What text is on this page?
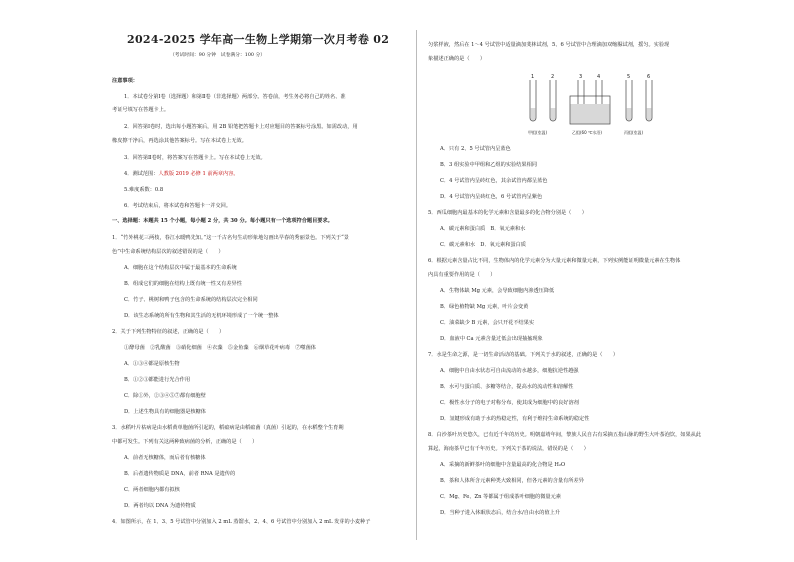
2024-2025 学年高一生物上学期第一次月考卷 02
（考试时间：90 分钟　试卷满分：100 分）
注意事项：
1．本试卷分第Ⅰ卷（选择题）和第Ⅱ卷（非选择题）两部分。答卷前，考生务必将自己的姓名、准
考证号填写在答题卡上。
2．回答第Ⅰ卷时，选出每小题答案后，用 2B 铅笔把答题卡上对应题目的答案标号涂黑。如需改动，用
橡皮擦干净后，再选涂其他答案标号。写在本试卷上无效。
3．回答第Ⅱ卷时，将答案写在答题卡上。写在本试卷上无效。
4．测试范围：人教版 2019 必修 1 前两章内容。
5.难度系数：0.8
6．考试结束后，将本试卷和答题卡一并交回。
一、选择题：本题共 15 个小题，每小题 2 分，共 30 分。每小题只有一个选项符合题目要求。
1．“竹外桃花三两枝，春江水暖鸭先知。”这一千古名句生动形象地勾画出早春的秀丽景色。下列关于“景
色”中生命系统结构层次的叙述错误的是（　　）
A．细胞在这个结构层次中属于最基本的生命系统
B．组成它们的细胞在结构上既有统一性又有差异性
C．竹子、桃树和鸭子包含的生命系统的结构层次完全相同
D．该生态系统的所有生物和其生活的无机环境形成了一个统一整体
2．关于下列生物特征的叙述，正确的是（　　）
①酵母菌　②乳酸菌　③硝化细菌　④衣藻　⑤金鱼藻　⑥烟草花叶病毒　⑦噬菌体
A．①③④都是原核生物
B．①②③都能进行光合作用
C．除①外，②③④⑤⑦都有细胞壁
D．上述生物具有的细胞器是核糖体
3．水稻叶片枯病是由水稻黄单胞菌所引起的，稻瘟病是由稻瘟菌（真菌）引起的，在水稻整个生育期
中都可发生。下列有关这两种致病菌的分析，正确的是（　　）
A．前者无核糖体，而后者有核糖体
B．后者遗传物质是 DNA，前者 RNA 是遗传的
C．两者细胞内都有拟核
D．两者均以 DNA 为遗传物质
4．如图所示，在 1、3、5 号试管中分别加入 2 mL 蒸馏水，2、4、6 号试管中分别加入 2 mL 发芽的小麦种子
匀浆样液，然后在 1～4 号试管中适量滴加斐林试剂，5、6 号试管中合理滴加双缩脲试剂，摇匀。实验现
象描述正确的是（　　）
1	2	3	4	5	6
甲组(室温)	乙组(60 ℃水浴)	丙组(室温)
A．只有 2、5 号试管内呈蓝色
B．3 组实验中甲组和乙组的实验结果相同
C．4 号试管内呈砖红色，其余试管内都呈蓝色
D．4 号试管内呈砖红色，6 号试管内呈紫色
5．西瓜细胞内最基本的化学元素和含量最多的化合物分别是（　　）
A．碳元素和蛋白质　B．氧元素和水
C．碳元素和水　D．氧元素和蛋白质
6．根据元素含量占比不同，生物体内的化学元素分为大量元素和微量元素，下列实例能证明微量元素在生物体
内具有重要作用的是（　　）
A．生物体缺 Mg 元素，会导致细胞内渗透压降低
B．绿色植物缺 Mg 元素，叶片会变黄
C．油菜缺少 B 元素，会只开花不结果实
D．血液中 Ca 元素含量过低会出现抽搐现象
7．水是生命之源，是一切生命活动的基础。下列关于水的叙述，正确的是（　　）
A．细胞中自由水状态可自由流动的水越多，细胞抗逆性越强
B．水可与蛋白质、多糖等结合，提高水的流动性和溶解性
C．极性水分子的电子对称分布，使其成为细胞中的良好溶剂
D．氢键形成有助于水的热稳定性，有利于维持生命系统的稳定性
8．白沙茶叶历史悠久，已有近千年的历史。明朝嘉靖年间，黎族人民自古有采摘五指山脉的野生大叶茶泡饮，如果从此
算起，海南茶早已有千年历史。下列关于茶的说法，错误的是（　　）
A．采摘的新鲜茶叶的细胞中含量最高的化合物是 H₂O
B．茶和人体所含元素种类大致相同，但各元素的含量有所差异
C．Mg、Fe、Zn 等都属于组成茶叶细胞的微量元素
D．当种子进入休眠状态后，结合水/自由水的值上升
